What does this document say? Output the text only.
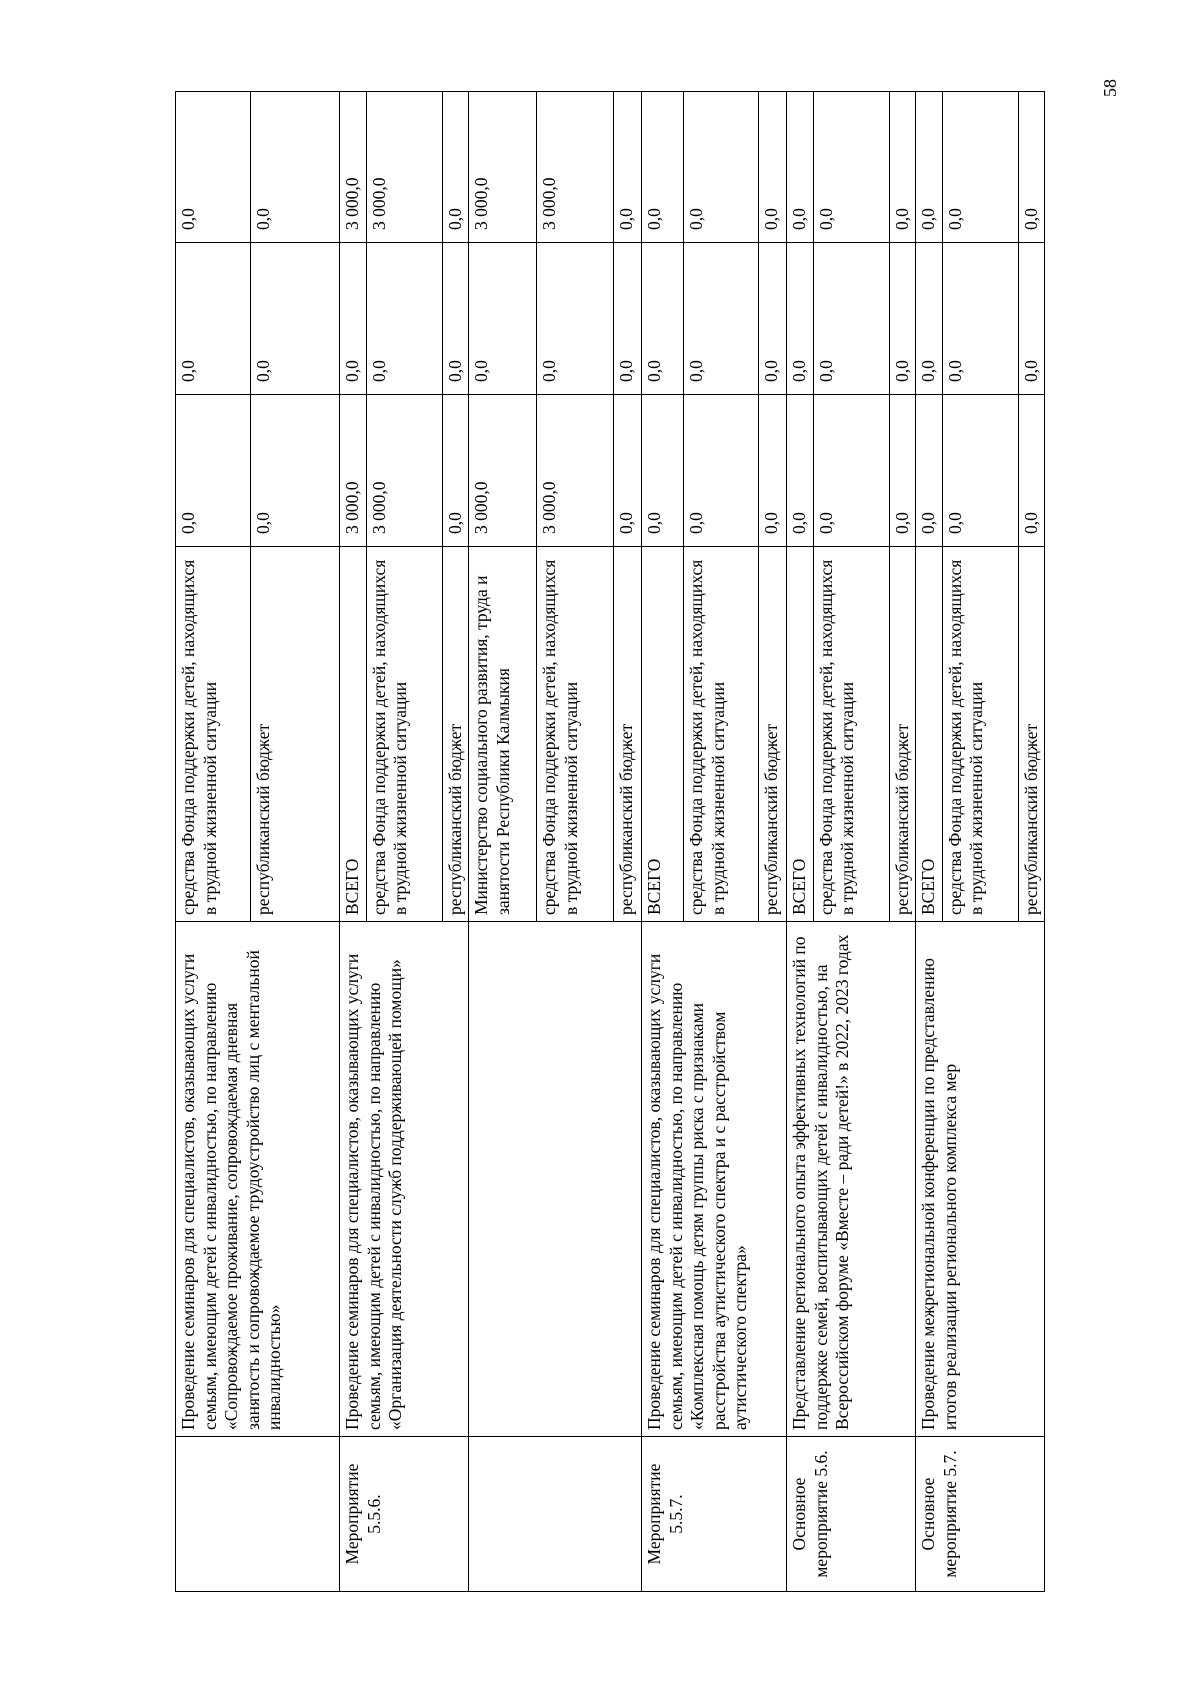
	Проведение семинаров для специалистов, оказывающих услуги семьям, имеющим детей с инвалидностью, по направлению «Сопровождаемое проживание, сопровождаемая дневная занятость и сопровождаемое трудоустройство лиц с ментальной инвалидностью»	средства Фонда поддержки детей, находящихся в трудной жизненной ситуации	0,0	0,0	0,0
		республиканский бюджет	0,0	0,0	0,0
Мероприятие 5.5.6.	Проведение семинаров для специалистов, оказывающих услуги семьям, имеющим детей с инвалидностью, по направлению «Организация деятельности служб поддерживающей помощи»	ВСЕГО	3 000,0	0,0	3 000,0
		средства Фонда поддержки детей, находящихся в трудной жизненной ситуации	3 000,0	0,0	3 000,0
		республиканский бюджет	0,0	0,0	0,0
		Министерство социального развития, труда и занятости Республики Калмыкия	3 000,0	0,0	3 000,0
		средства Фонда поддержки детей, находящихся в трудной жизненной ситуации	3 000,0	0,0	3 000,0
		республиканский бюджет	0,0	0,0	0,0
Мероприятие 5.5.7.	Проведение семинаров для специалистов, оказывающих услуги семьям, имеющим детей с инвалидностью, по направлению «Комплексная помощь детям группы риска с признаками расстройства аутистического спектра и с расстройством аутистического спектра»	ВСЕГО	0,0	0,0	0,0
		средства Фонда поддержки детей, находящихся в трудной жизненной ситуации	0,0	0,0	0,0
		республиканский бюджет	0,0	0,0	0,0
Основное мероприятие 5.6.	Представление регионального опыта эффективных технологий по поддержке семей, воспитывающих детей с инвалидностью, на Всероссийском форуме «Вместе – ради детей!» в 2022, 2023 годах	ВСЕГО	0,0	0,0	0,0
		средства Фонда поддержки детей, находящихся в трудной жизненной ситуации	0,0	0,0	0,0
		республиканский бюджет	0,0	0,0	0,0
Основное мероприятие 5.7.	Проведение межрегиональной конференции по представлению итогов реализации регионального комплекса мер	ВСЕГО	0,0	0,0	0,0
		средства Фонда поддержки детей, находящихся в трудной жизненной ситуации	0,0	0,0	0,0
		республиканский бюджет	0,0	0,0	0,0
58
